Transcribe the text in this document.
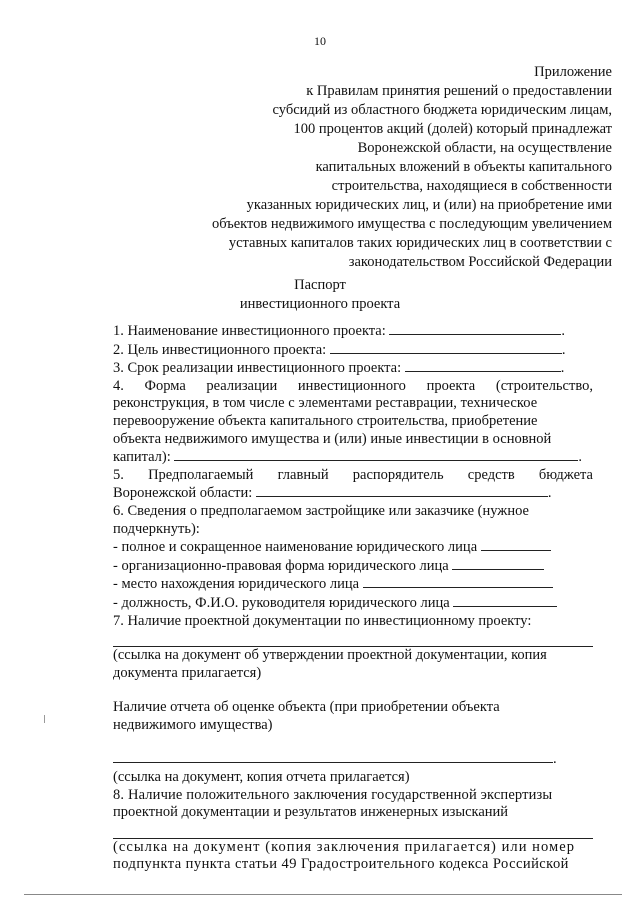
10
Приложение
к Правилам принятия решений о предоставлении
субсидий из областного бюджета юридическим лицам,
100 процентов акций (долей) который принадлежат
Воронежской области, на осуществление
капитальных вложений в объекты капитального
строительства, находящиеся в собственности
указанных юридических лиц, и (или) на приобретение ими
объектов недвижимого имущества с последующим увеличением
уставных капиталов таких юридических лиц в соответствии с
законодательством Российской Федерации
Паспорт
инвестиционного проекта
1. Наименование инвестиционного проекта:	.
2. Цель инвестиционного проекта:	.
3. Срок реализации инвестиционного проекта:	.
4. Форма реализации инвестиционного проекта (строительство,
реконструкция, в том числе с элементами реставрации, техническое
перевооружение объекта капитального строительства, приобретение
объекта недвижимого имущества и (или) иные инвестиции в основной
капитал):	.
5. Предполагаемый главный распорядитель средств бюджета
Воронежской области:	.
6. Сведения о предполагаемом застройщике или заказчике (нужное
подчеркнуть):
- полное и сокращенное наименование юридического лица
- организационно-правовая форма юридического лица
- место нахождения юридического лица
- должность, Ф.И.О. руководителя юридического лица
7. Наличие проектной документации по инвестиционному проекту:
(ссылка на документ об утверждении проектной документации, копия
документа прилагается)
Наличие отчета об оценке объекта (при приобретении объекта
недвижимого имущества)
.
(ссылка на документ, копия отчета прилагается)
8. Наличие положительного заключения государственной экспертизы
проектной документации и результатов инженерных изысканий
(ссылка на документ (копия заключения прилагается) или номер
подпункта пункта статьи 49 Градостроительного кодекса Российской
